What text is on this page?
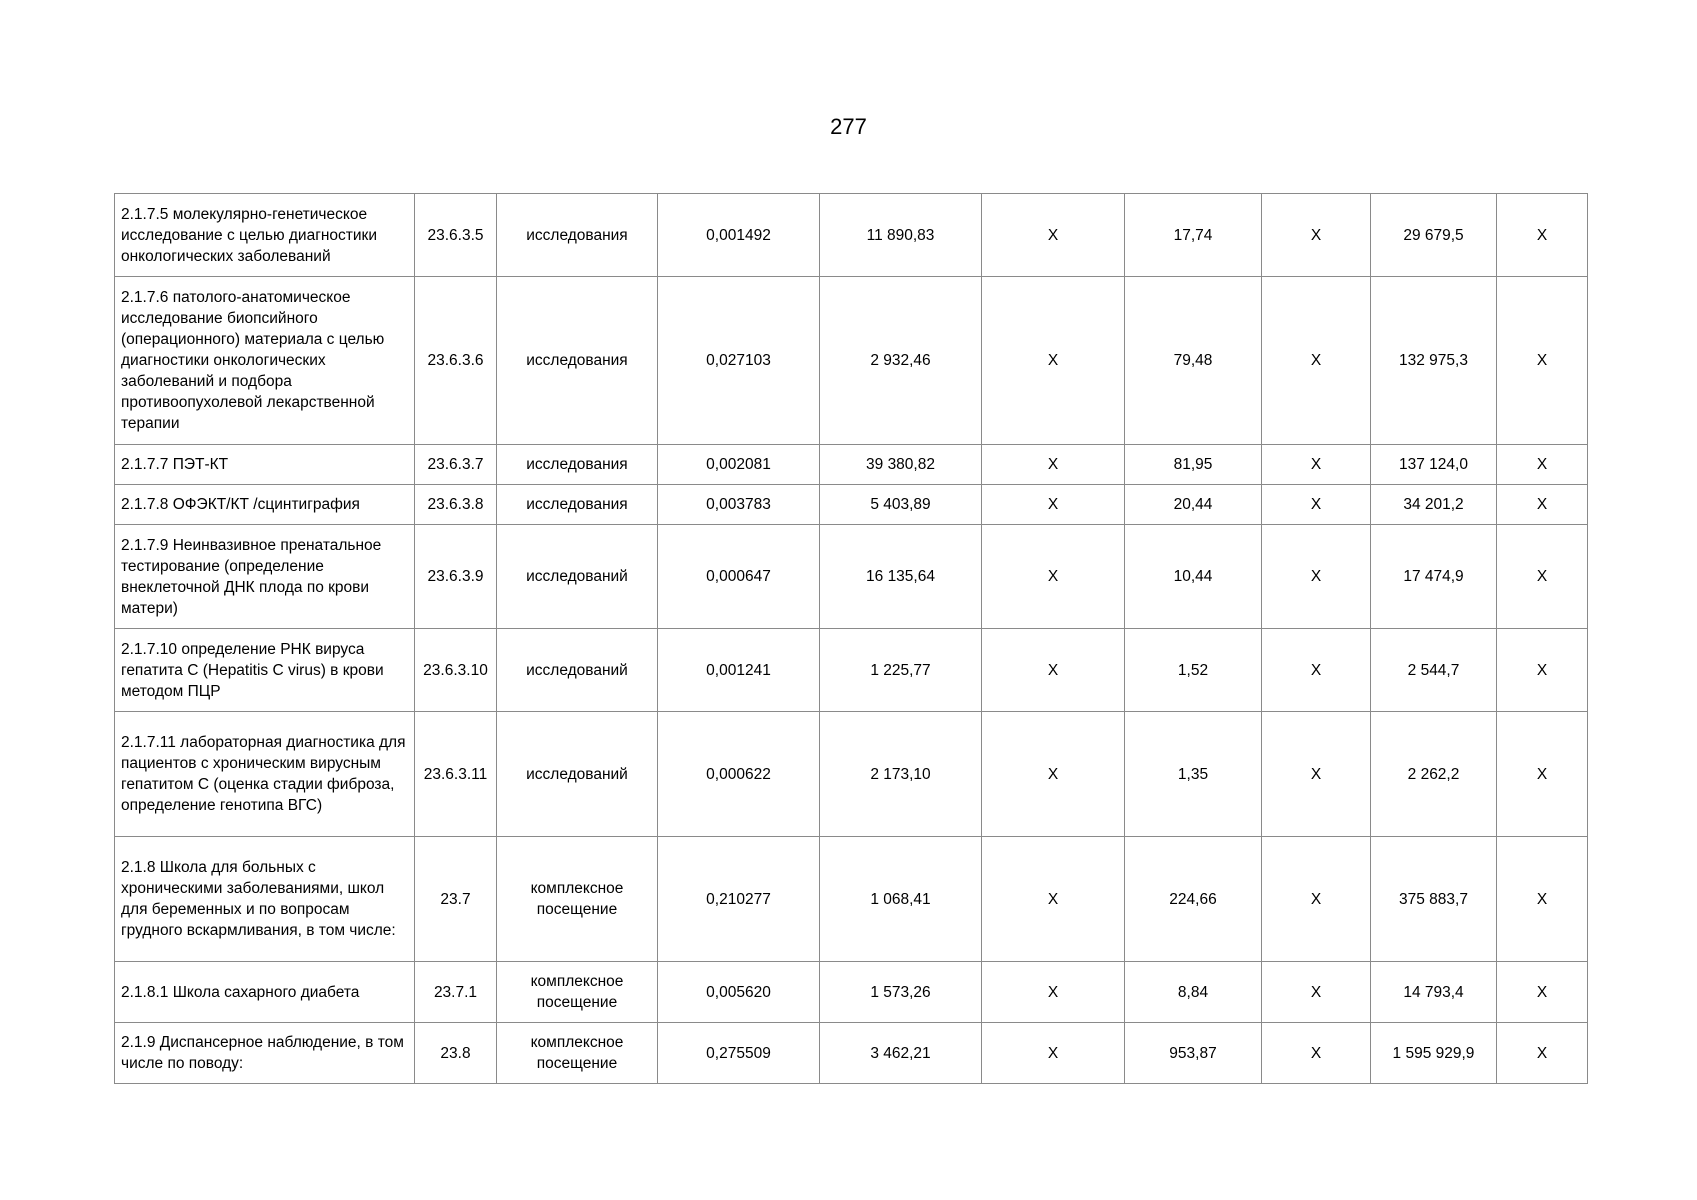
277
2.1.7.5 молекулярно-генетическое исследование с целью диагностики онкологических заболеваний	23.6.3.5	исследования	0,001492	11 890,83	X	17,74	X	29 679,5	X
2.1.7.6 патолого-анатомическое исследование биопсийного (операционного) материала с целью диагностики онкологических заболеваний и подбора противоопухолевой лекарственной терапии	23.6.3.6	исследования	0,027103	2 932,46	X	79,48	X	132 975,3	X
2.1.7.7 ПЭТ-КТ	23.6.3.7	исследования	0,002081	39 380,82	X	81,95	X	137 124,0	X
2.1.7.8 ОФЭКТ/КТ /сцинтиграфия	23.6.3.8	исследования	0,003783	5 403,89	X	20,44	X	34 201,2	X
2.1.7.9 Неинвазивное пренатальное тестирование (определение внеклеточной ДНК плода по крови матери)	23.6.3.9	исследований	0,000647	16 135,64	X	10,44	X	17 474,9	X
2.1.7.10 определение РНК вируса гепатита С (Hepatitis C virus) в крови методом ПЦР	23.6.3.10	исследований	0,001241	1 225,77	X	1,52	X	2 544,7	X
2.1.7.11 лабораторная диагностика для пациентов с хроническим вирусным гепатитом С (оценка стадии фиброза, определение генотипа ВГС)	23.6.3.11	исследований	0,000622	2 173,10	X	1,35	X	2 262,2	X
2.1.8 Школа для больных с хроническими заболеваниями, школ для беременных и по вопросам грудного вскармливания, в том числе:	23.7	комплексное посещение	0,210277	1 068,41	X	224,66	X	375 883,7	X
2.1.8.1 Школа сахарного диабета	23.7.1	комплексное посещение	0,005620	1 573,26	X	8,84	X	14 793,4	X
2.1.9 Диспансерное наблюдение, в том числе по поводу:	23.8	комплексное посещение	0,275509	3 462,21	X	953,87	X	1 595 929,9	X
